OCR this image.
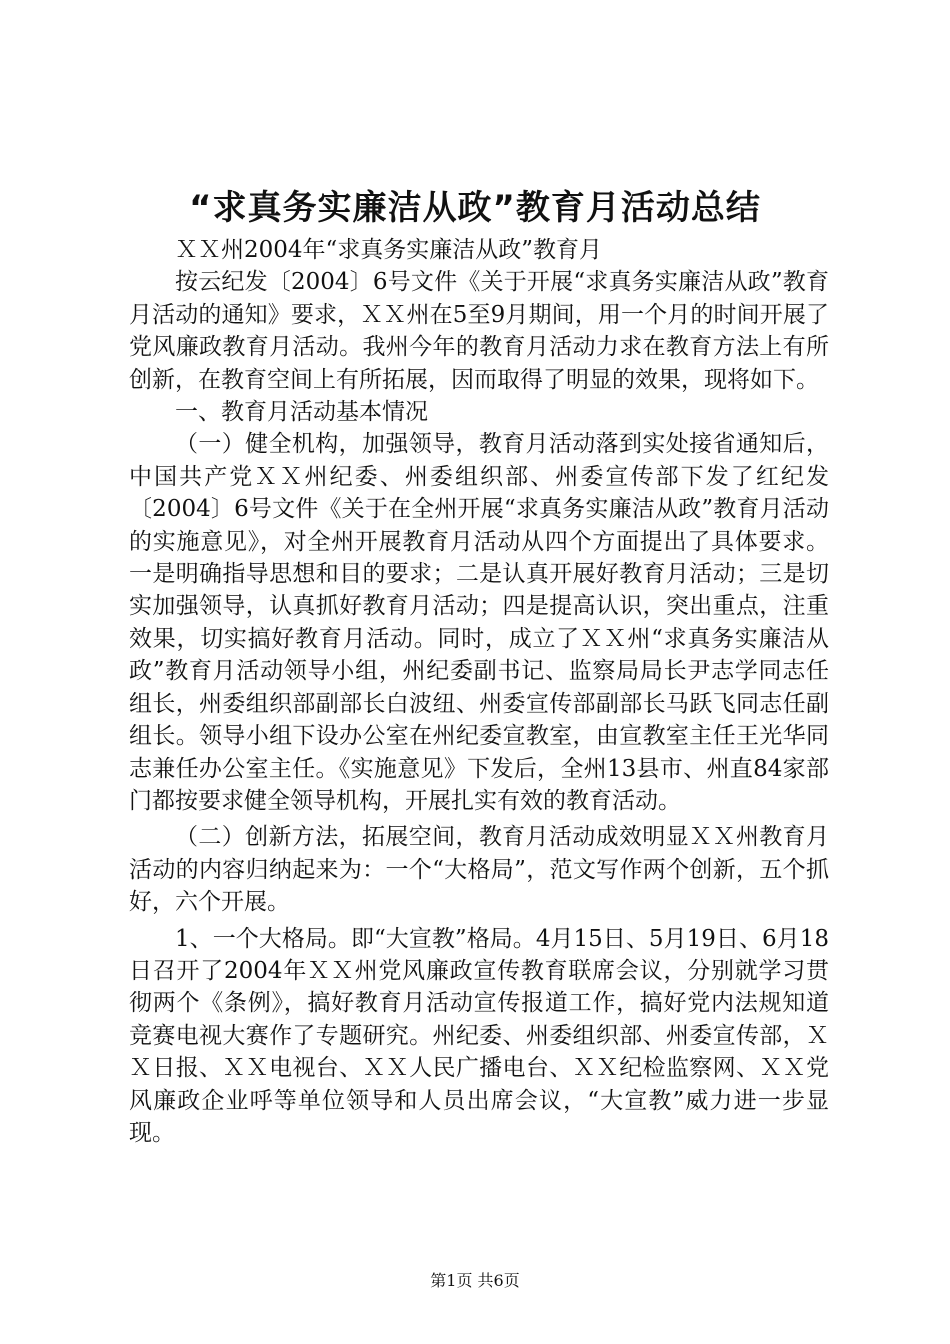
“求真务实廉洁从政”教育月活动总结

ＸＸ州2004年“求真务实廉洁从政”教育月

按云纪发〔2004〕6号文件《关于开展“求真务实廉洁从政”教育月活动的通知》要求，ＸＸ州在5至9月期间，用一个月的时间开展了党风廉政教育月活动。我州今年的教育月活动力求在教育方法上有所创新，在教育空间上有所拓展，因而取得了明显的效果，现将如下。

一、教育月活动基本情况

（一）健全机构，加强领导，教育月活动落到实处接省通知后，中国共产党ＸＸ州纪委、州委组织部、州委宣传部下发了红纪发〔2004〕6号文件《关于在全州开展“求真务实廉洁从政”教育月活动的实施意见》，对全州开展教育月活动从四个方面提出了具体要求。一是明确指导思想和目的要求；二是认真开展好教育月活动；三是切实加强领导，认真抓好教育月活动；四是提高认识，突出重点，注重效果，切实搞好教育月活动。同时，成立了ＸＸ州“求真务实廉洁从政”教育月活动领导小组，州纪委副书记、监察局局长尹志学同志任组长，州委组织部副部长白波纽、州委宣传部副部长马跃飞同志任副组长。领导小组下设办公室在州纪委宣教室，由宣教室主任王光华同志兼任办公室主任。《实施意见》下发后，全州13县市、州直84家部门都按要求健全领导机构，开展扎实有效的教育活动。

（二）创新方法，拓展空间，教育月活动成效明显ＸＸ州教育月活动的内容归纳起来为：一个“大格局”，范文写作两个创新，五个抓好，六个开展。

1、一个大格局。即“大宣教”格局。4月15日、5月19日、6月18日召开了2004年ＸＸ州党风廉政宣传教育联席会议，分别就学习贯彻两个《条例》，搞好教育月活动宣传报道工作，搞好党内法规知道竞赛电视大赛作了专题研究。州纪委、州委组织部、州委宣传部，ＸＸ日报、ＸＸ电视台、ＸＸ人民广播电台、ＸＸ纪检监察网、ＸＸ党风廉政企业呼等单位领导和人员出席会议，“大宣教”威力进一步显现。

第1页 共6页
